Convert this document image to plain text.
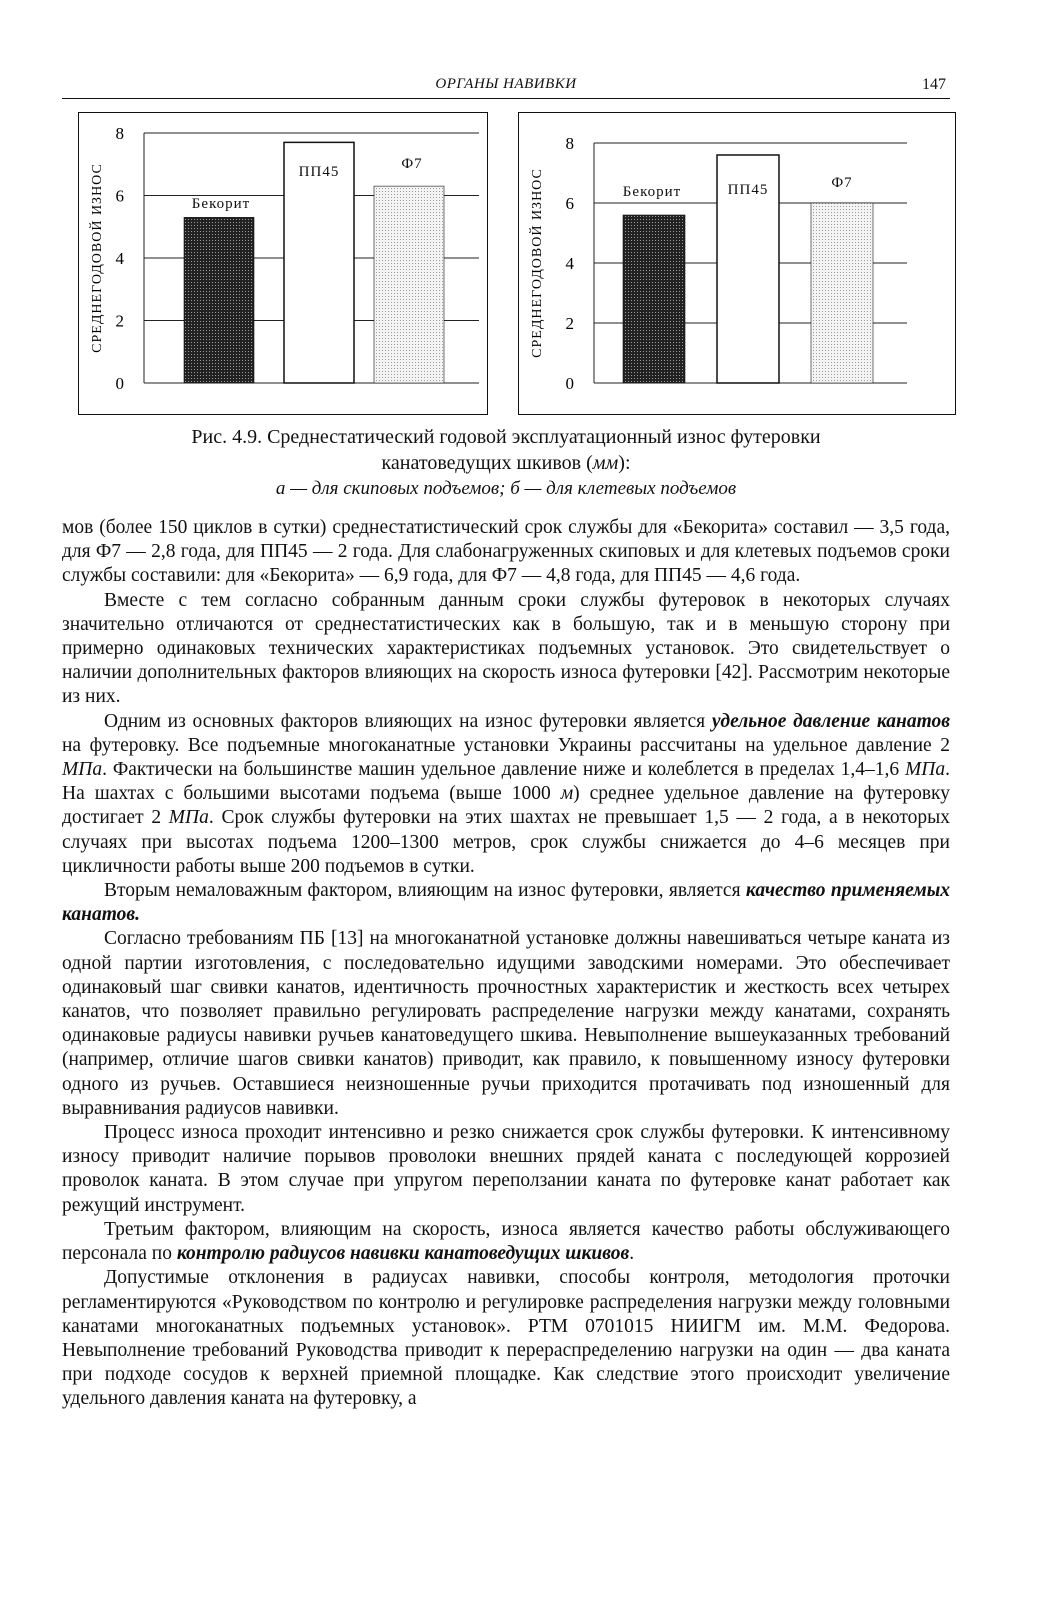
ОРГАНЫ НАВИВКИ	147
0
2
4
6
8
СРЕДНЕГОДОВОЙ ИЗНОС	Бекорит
ПП45	Ф7
0
2
4
6
8
СРЕДНЕГОДОВОЙ ИЗНОС	Бекорит	ПП45	Ф7
Рис. 4.9. Среднестатический годовой эксплуатационный износ футеровки
канатоведущих шкивов (мм):
а — для скиповых подъемов; б — для клетевых подъемов

мов (более 150 циклов в сутки) среднестатистический срок службы для «Бекорита» составил — 3,5 года, для Ф7 — 2,8 года, для ПП45 — 2 года. Для слабонагруженных скиповых и для клетевых подъемов сроки службы составили: для «Бекорита» — 6,9 года, для Ф7 — 4,8 года, для ПП45 — 4,6 года.

Вместе с тем согласно собранным данным сроки службы футеровок в некоторых случаях значительно отличаются от среднестатистических как в большую, так и в меньшую сторону при примерно одинаковых технических характеристиках подъемных установок. Это свидетельствует о наличии дополнительных факторов влияющих на скорость износа футеровки [42]. Рассмотрим некоторые из них.

Одним из основных факторов влияющих на износ футеровки является удельное давление канатов на футеровку. Все подъемные многоканатные установки Украины рассчитаны на удельное давление 2 МПа. Фактически на большинстве машин удельное давление ниже и колеблется в пределах 1,4–1,6 МПа. На шахтах с большими высотами подъема (выше 1000 м) среднее удельное давление на футеровку достигает 2 МПа. Срок службы футеровки на этих шахтах не превышает 1,5 — 2 года, а в некоторых случаях при высотах подъема 1200–1300 метров, срок службы снижается до 4–6 месяцев при цикличности работы выше 200 подъемов в сутки.

Вторым немаловажным фактором, влияющим на износ футеровки, является качество применяемых канатов.

Согласно требованиям ПБ [13] на многоканатной установке должны навешиваться четыре каната из одной партии изготовления, с последовательно идущими заводскими номерами. Это обеспечивает одинаковый шаг свивки канатов, идентичность прочностных характеристик и жесткость всех четырех канатов, что позволяет правильно регулировать распределение нагрузки между канатами, сохранять одинаковые радиусы навивки ручьев канатоведущего шкива. Невыполнение вышеуказанных требований (например, отличие шагов свивки канатов) приводит, как правило, к повышенному износу футеровки одного из ручьев. Оставшиеся неизношенные ручьи приходится протачивать под изношенный для выравнивания радиусов навивки.

Процесс износа проходит интенсивно и резко снижается срок службы футеровки. К интенсивному износу приводит наличие порывов проволоки внешних прядей каната с последующей коррозией проволок каната. В этом случае при упругом переползании каната по футеровке канат работает как режущий инструмент.

Третьим фактором, влияющим на скорость, износа является качество работы обслуживающего персонала по контролю радиусов навивки канатоведущих шкивов.

Допустимые отклонения в радиусах навивки, способы контроля, методология проточки регламентируются «Руководством по контролю и регулировке распределения нагрузки между головными канатами многоканатных подъемных установок». РТМ 0701015 НИИГМ им. М.М. Федорова. Невыполнение требований Руководства приводит к перераспределению нагрузки на один — два каната при подходе сосудов к верхней приемной площадке. Как следствие этого происходит увеличение удельного давления каната на футеровку, а
